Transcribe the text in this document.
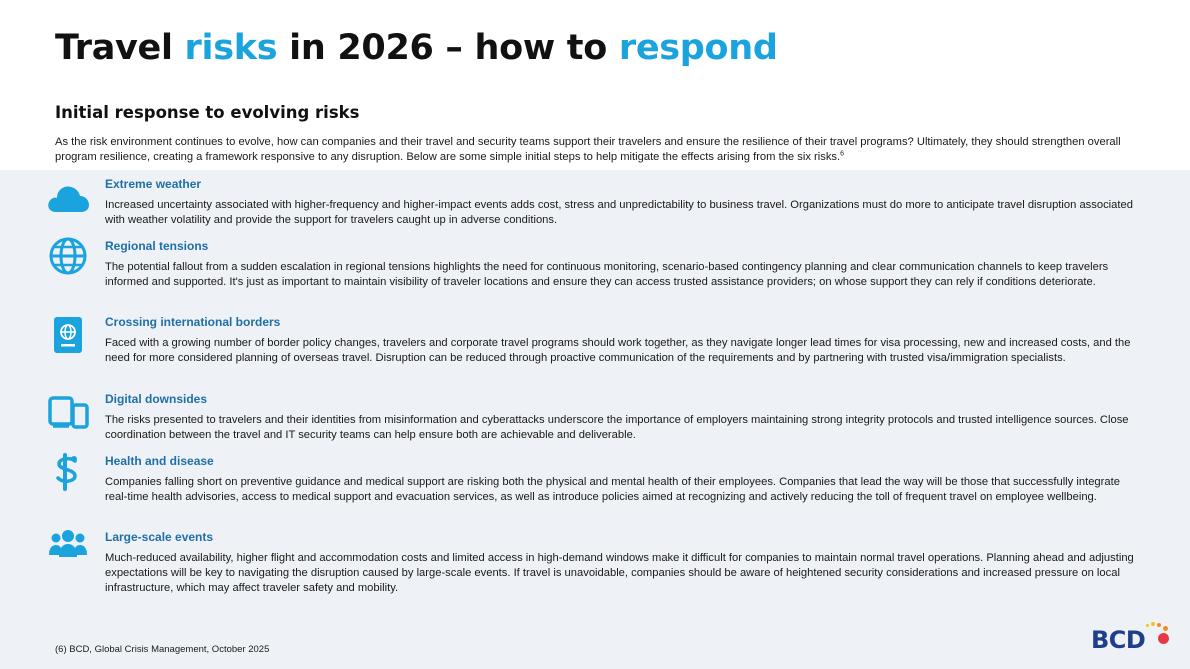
Travel risks in 2026 – how to respond
Initial response to evolving risks

As the risk environment continues to evolve, how can companies and their travel and security teams support their travelers and ensure the resilience of their travel programs? Ultimately, they should strengthen overall program resilience, creating a framework responsive to any disruption. Below are some simple initial steps to help mitigate the effects arising from the six risks.$^6$

Extreme weather
Increased uncertainty associated with higher-frequency and higher-impact events adds cost, stress and unpredictability to business travel. Organizations must do more to anticipate travel disruption associated with weather volatility and provide the support for travelers caught up in adverse conditions.
Regional tensions
The potential fallout from a sudden escalation in regional tensions highlights the need for continuous monitoring, scenario-based contingency planning and clear communication channels to keep travelers informed and supported. It's just as important to maintain visibility of traveler locations and ensure they can access trusted assistance providers; on whose support they can rely if conditions deteriorate.
Crossing international borders
Faced with a growing number of border policy changes, travelers and corporate travel programs should work together, as they navigate longer lead times for visa processing, new and increased costs, and the need for more considered planning of overseas travel. Disruption can be reduced through proactive communication of the requirements and by partnering with trusted visa/immigration specialists.
Digital downsides
The risks presented to travelers and their identities from misinformation and cyberattacks underscore the importance of employers maintaining strong integrity protocols and trusted intelligence sources. Close coordination between the travel and IT security teams can help ensure both are achievable and deliverable.
Health and disease
Companies falling short on preventive guidance and medical support are risking both the physical and mental health of their employees. Companies that lead the way will be those that successfully integrate real-time health advisories, access to medical support and evacuation services, as well as introduce policies aimed at recognizing and actively reducing the toll of frequent travel on employee wellbeing.
Large-scale events
Much-reduced availability, higher flight and accommodation costs and limited access in high-demand windows make it difficult for companies to maintain normal travel operations. Planning ahead and adjusting expectations will be key to navigating the disruption caused by large-scale events. If travel is unavoidable, companies should be aware of heightened security considerations and increased pressure on local infrastructure, which may affect traveler safety and mobility.
(6) BCD, Global Crisis Management, October 2025	BCD
